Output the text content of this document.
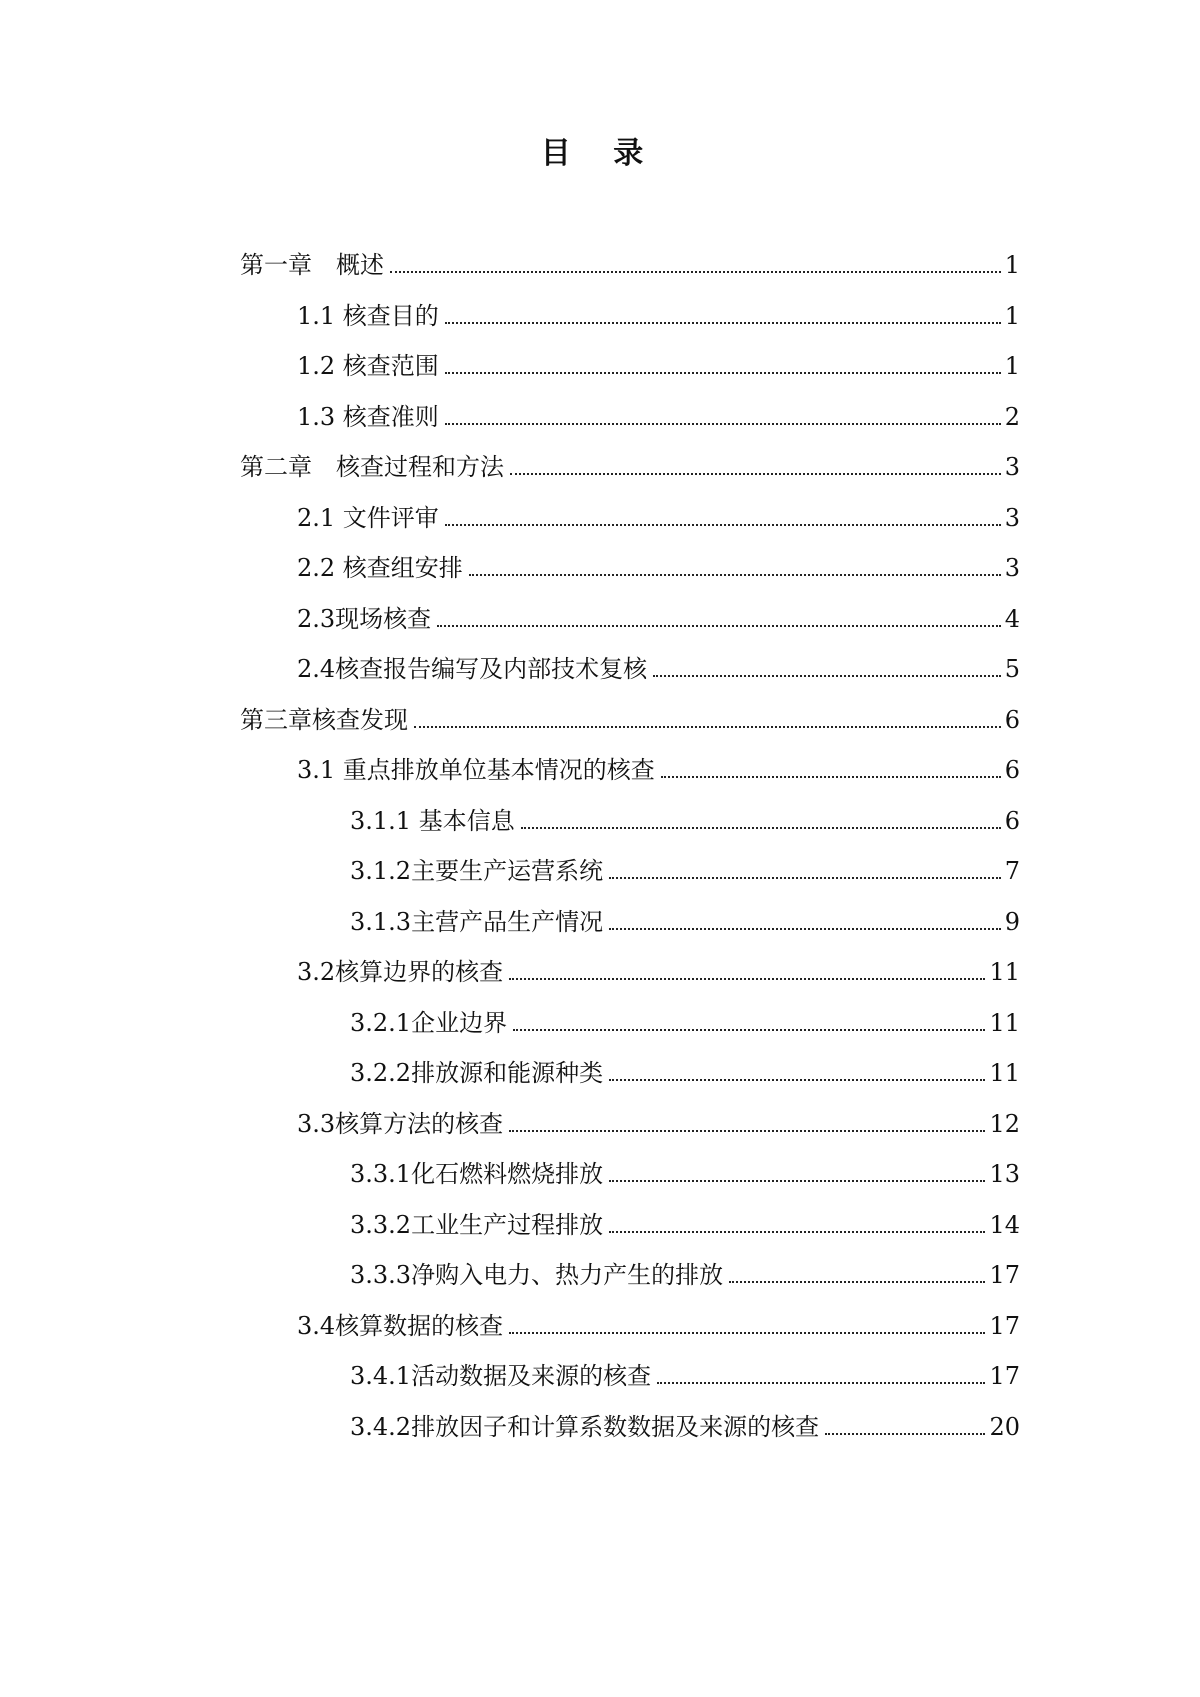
目 录
第一章　概述	1
1.1 核查目的	1
1.2 核查范围	1
1.3 核查准则	2
第二章　核查过程和方法	3
2.1 文件评审	3
2.2 核查组安排	3
2.3现场核查	4
2.4核查报告编写及内部技术复核	5
第三章核查发现	6
3.1 重点排放单位基本情况的核查	6
3.1.1 基本信息	6
3.1.2主要生产运营系统	7
3.1.3主营产品生产情况	9
3.2核算边界的核查	11
3.2.1企业边界	11
3.2.2排放源和能源种类	11
3.3核算方法的核查	12
3.3.1化石燃料燃烧排放	13
3.3.2工业生产过程排放	14
3.3.3净购入电力、热力产生的排放	17
3.4核算数据的核查	17
3.4.1活动数据及来源的核查	17
3.4.2排放因子和计算系数数据及来源的核查	20
